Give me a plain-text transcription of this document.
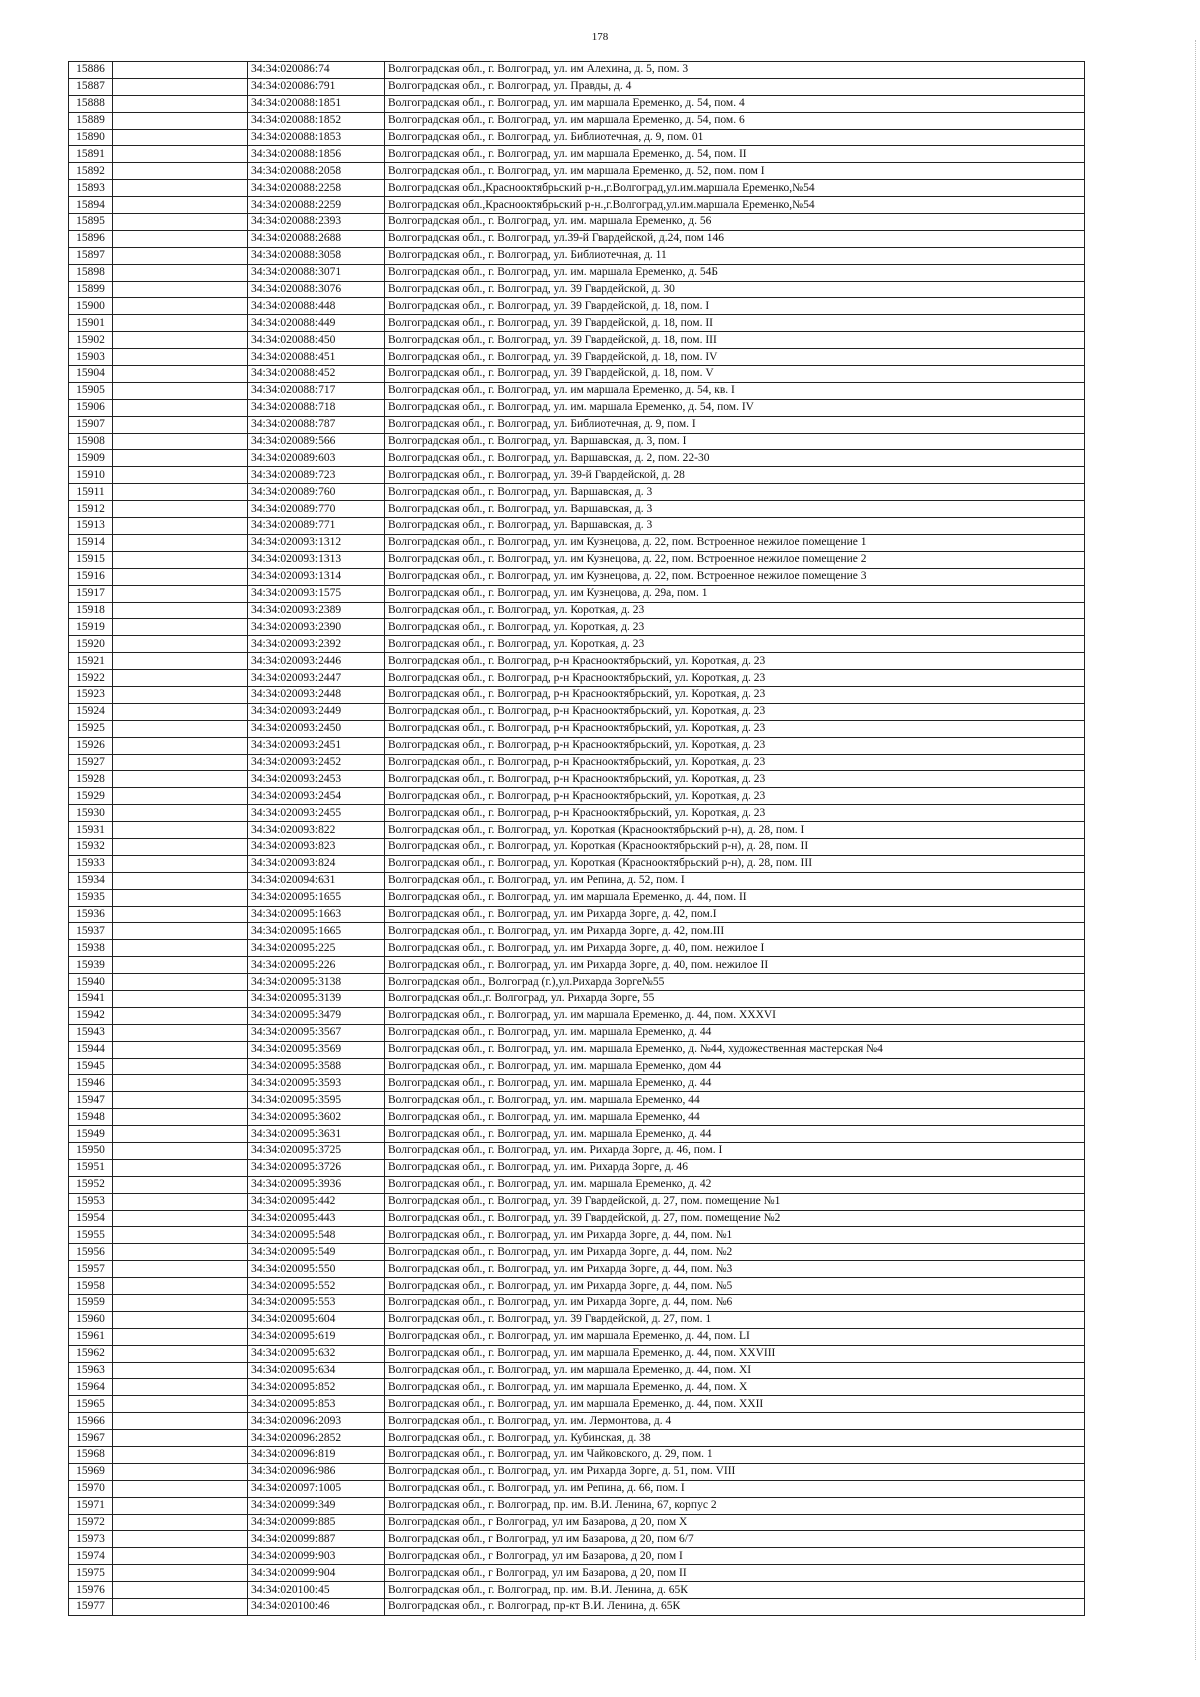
178
15886		34:34:020086:74	Волгоградская обл., г. Волгоград, ул. им Алехина, д. 5, пом. 3
15887		34:34:020086:791	Волгоградская обл., г. Волгоград, ул. Правды, д. 4
15888		34:34:020088:1851	Волгоградская обл., г. Волгоград, ул. им маршала Еременко, д. 54, пом. 4
15889		34:34:020088:1852	Волгоградская обл., г. Волгоград, ул. им маршала Еременко, д. 54, пом. 6
15890		34:34:020088:1853	Волгоградская обл., г. Волгоград, ул. Библиотечная, д. 9, пом. 01
15891		34:34:020088:1856	Волгоградская обл., г. Волгоград, ул. им маршала Еременко, д. 54, пом. II
15892		34:34:020088:2058	Волгоградская обл., г. Волгоград, ул. им маршала Еременко, д. 52, пом. пом I
15893		34:34:020088:2258	Волгоградская обл.,Краснооктябрьский р-н.,г.Волгоград,ул.им.маршала Еременко,№54
15894		34:34:020088:2259	Волгоградская обл.,Краснооктябрьский р-н.,г.Волгоград,ул.им.маршала Еременко,№54
15895		34:34:020088:2393	Волгоградская обл., г. Волгоград, ул. им. маршала Еременко, д. 56
15896		34:34:020088:2688	Волгоградская обл., г. Волгоград, ул.39-й Гвардейской, д.24, пом 146
15897		34:34:020088:3058	Волгоградская обл., г. Волгоград, ул. Библиотечная, д. 11
15898		34:34:020088:3071	Волгоградская обл., г. Волгоград, ул. им. маршала Еременко, д. 54Б
15899		34:34:020088:3076	Волгоградская обл., г. Волгоград, ул. 39 Гвардейской, д. 30
15900		34:34:020088:448	Волгоградская обл., г. Волгоград, ул. 39 Гвардейской, д. 18, пом. I
15901		34:34:020088:449	Волгоградская обл., г. Волгоград, ул. 39 Гвардейской, д. 18, пом. II
15902		34:34:020088:450	Волгоградская обл., г. Волгоград, ул. 39 Гвардейской, д. 18, пом. III
15903		34:34:020088:451	Волгоградская обл., г. Волгоград, ул. 39 Гвардейской, д. 18, пом. IV
15904		34:34:020088:452	Волгоградская обл., г. Волгоград, ул. 39 Гвардейской, д. 18, пом. V
15905		34:34:020088:717	Волгоградская обл., г. Волгоград, ул. им маршала Еременко, д. 54, кв. I
15906		34:34:020088:718	Волгоградская обл., г. Волгоград, ул. им. маршала Еременко, д. 54, пом. IV
15907		34:34:020088:787	Волгоградская обл., г. Волгоград, ул. Библиотечная, д. 9, пом. I
15908		34:34:020089:566	Волгоградская обл., г. Волгоград, ул. Варшавская, д. 3, пом. I
15909		34:34:020089:603	Волгоградская обл., г. Волгоград, ул. Варшавская, д. 2, пом. 22-30
15910		34:34:020089:723	Волгоградская обл., г. Волгоград, ул. 39-й Гвардейской, д. 28
15911		34:34:020089:760	Волгоградская обл., г. Волгоград, ул. Варшавская, д. 3
15912		34:34:020089:770	Волгоградская обл., г. Волгоград, ул. Варшавская, д. 3
15913		34:34:020089:771	Волгоградская обл., г. Волгоград, ул. Варшавская, д. 3
15914		34:34:020093:1312	Волгоградская обл., г. Волгоград, ул. им Кузнецова, д. 22, пом. Встроенное нежилое помещение 1
15915		34:34:020093:1313	Волгоградская обл., г. Волгоград, ул. им Кузнецова, д. 22, пом. Встроенное нежилое помещение 2
15916		34:34:020093:1314	Волгоградская обл., г. Волгоград, ул. им Кузнецова, д. 22, пом. Встроенное нежилое помещение 3
15917		34:34:020093:1575	Волгоградская обл., г. Волгоград, ул. им Кузнецова, д. 29а, пом. 1
15918		34:34:020093:2389	Волгоградская обл., г. Волгоград, ул. Короткая, д. 23
15919		34:34:020093:2390	Волгоградская обл., г. Волгоград, ул. Короткая, д. 23
15920		34:34:020093:2392	Волгоградская обл., г. Волгоград, ул. Короткая, д. 23
15921		34:34:020093:2446	Волгоградская обл., г. Волгоград, р-н Краснооктябрьский, ул. Короткая, д. 23
15922		34:34:020093:2447	Волгоградская обл., г. Волгоград, р-н Краснооктябрьский, ул. Короткая, д. 23
15923		34:34:020093:2448	Волгоградская обл., г. Волгоград, р-н Краснооктябрьский, ул. Короткая, д. 23
15924		34:34:020093:2449	Волгоградская обл., г. Волгоград, р-н Краснооктябрьский, ул. Короткая, д. 23
15925		34:34:020093:2450	Волгоградская обл., г. Волгоград, р-н Краснооктябрьский, ул. Короткая, д. 23
15926		34:34:020093:2451	Волгоградская обл., г. Волгоград, р-н Краснооктябрьский, ул. Короткая, д. 23
15927		34:34:020093:2452	Волгоградская обл., г. Волгоград, р-н Краснооктябрьский, ул. Короткая, д. 23
15928		34:34:020093:2453	Волгоградская обл., г. Волгоград, р-н Краснооктябрьский, ул. Короткая, д. 23
15929		34:34:020093:2454	Волгоградская обл., г. Волгоград, р-н Краснооктябрьский, ул. Короткая, д. 23
15930		34:34:020093:2455	Волгоградская обл., г. Волгоград, р-н Краснооктябрьский, ул. Короткая, д. 23
15931		34:34:020093:822	Волгоградская обл., г. Волгоград, ул. Короткая (Краснооктябрьский р-н), д. 28, пом. I
15932		34:34:020093:823	Волгоградская обл., г. Волгоград, ул. Короткая (Краснооктябрьский р-н), д. 28, пом. II
15933		34:34:020093:824	Волгоградская обл., г. Волгоград, ул. Короткая (Краснооктябрьский р-н), д. 28, пом. III
15934		34:34:020094:631	Волгоградская обл., г. Волгоград, ул. им Репина, д. 52, пом. I
15935		34:34:020095:1655	Волгоградская обл., г. Волгоград, ул. им маршала Еременко, д. 44, пом. II
15936		34:34:020095:1663	Волгоградская обл., г. Волгоград, ул. им Рихарда Зорге, д. 42, пом.I
15937		34:34:020095:1665	Волгоградская обл., г. Волгоград, ул. им Рихарда Зорге, д. 42, пом.III
15938		34:34:020095:225	Волгоградская обл., г. Волгоград, ул. им Рихарда Зорге, д. 40, пом. нежилое I
15939		34:34:020095:226	Волгоградская обл., г. Волгоград, ул. им Рихарда Зорге, д. 40, пом. нежилое II
15940		34:34:020095:3138	Волгоградская обл., Волгоград (г.),ул.Рихарда Зорге№55
15941		34:34:020095:3139	Волгоградская обл.,г. Волгоград, ул. Рихарда Зорге, 55
15942		34:34:020095:3479	Волгоградская обл., г. Волгоград, ул. им маршала Еременко, д. 44, пом. XXXVI
15943		34:34:020095:3567	Волгоградская обл., г. Волгоград, ул. им. маршала Еременко, д. 44
15944		34:34:020095:3569	Волгоградская обл., г. Волгоград, ул. им. маршала Еременко, д. №44, художественная мастерская №4
15945		34:34:020095:3588	Волгоградская обл., г. Волгоград, ул. им. маршала Еременко, дом 44
15946		34:34:020095:3593	Волгоградская обл., г. Волгоград, ул. им. маршала Еременко, д. 44
15947		34:34:020095:3595	Волгоградская обл., г. Волгоград, ул. им. маршала Еременко, 44
15948		34:34:020095:3602	Волгоградская обл., г. Волгоград, ул. им. маршала Еременко, 44
15949		34:34:020095:3631	Волгоградская обл., г. Волгоград, ул. им. маршала Еременко, д. 44
15950		34:34:020095:3725	Волгоградская обл., г. Волгоград, ул. им. Рихарда Зорге, д. 46, пом. I
15951		34:34:020095:3726	Волгоградская обл., г. Волгоград, ул. им. Рихарда Зорге, д. 46
15952		34:34:020095:3936	Волгоградская обл., г. Волгоград, ул. им. маршала Еременко, д. 42
15953		34:34:020095:442	Волгоградская обл., г. Волгоград, ул. 39 Гвардейской, д. 27, пом. помещение №1
15954		34:34:020095:443	Волгоградская обл., г. Волгоград, ул. 39 Гвардейской, д. 27, пом. помещение №2
15955		34:34:020095:548	Волгоградская обл., г. Волгоград, ул. им Рихарда Зорге, д. 44, пом. №1
15956		34:34:020095:549	Волгоградская обл., г. Волгоград, ул. им Рихарда Зорге, д. 44, пом. №2
15957		34:34:020095:550	Волгоградская обл., г. Волгоград, ул. им Рихарда Зорге, д. 44, пом. №3
15958		34:34:020095:552	Волгоградская обл., г. Волгоград, ул. им Рихарда Зорге, д. 44, пом. №5
15959		34:34:020095:553	Волгоградская обл., г. Волгоград, ул. им Рихарда Зорге, д. 44, пом. №6
15960		34:34:020095:604	Волгоградская обл., г. Волгоград, ул. 39 Гвардейской, д. 27, пом. 1
15961		34:34:020095:619	Волгоградская обл., г. Волгоград, ул. им маршала Еременко, д. 44, пом. LI
15962		34:34:020095:632	Волгоградская обл., г. Волгоград, ул. им маршала Еременко, д. 44, пом. XXVIII
15963		34:34:020095:634	Волгоградская обл., г. Волгоград, ул. им маршала Еременко, д. 44, пом. XI
15964		34:34:020095:852	Волгоградская обл., г. Волгоград, ул. им маршала Еременко, д. 44, пом. X
15965		34:34:020095:853	Волгоградская обл., г. Волгоград, ул. им маршала Еременко, д. 44, пом. XXII
15966		34:34:020096:2093	Волгоградская обл., г. Волгоград, ул. им. Лермонтова, д. 4
15967		34:34:020096:2852	Волгоградская обл., г. Волгоград, ул. Кубинская, д. 38
15968		34:34:020096:819	Волгоградская обл., г. Волгоград, ул. им Чайковского, д. 29, пом. 1
15969		34:34:020096:986	Волгоградская обл., г. Волгоград, ул. им Рихарда Зорге, д. 51, пом. VIII
15970		34:34:020097:1005	Волгоградская обл., г. Волгоград, ул. им Репина, д. 66, пом. I
15971		34:34:020099:349	Волгоградская обл., г. Волгоград, пр. им. В.И. Ленина, 67, корпус 2
15972		34:34:020099:885	Волгоградская обл., г Волгоград, ул им Базарова, д 20, пом X
15973		34:34:020099:887	Волгоградская обл., г Волгоград, ул им Базарова, д 20, пом 6/7
15974		34:34:020099:903	Волгоградская обл., г Волгоград, ул им Базарова, д 20, пом I
15975		34:34:020099:904	Волгоградская обл., г Волгоград, ул им Базарова, д 20, пом II
15976		34:34:020100:45	Волгоградская обл., г. Волгоград, пр. им. В.И. Ленина, д. 65К
15977		34:34:020100:46	Волгоградская обл., г. Волгоград, пр-кт В.И. Ленина, д. 65К
